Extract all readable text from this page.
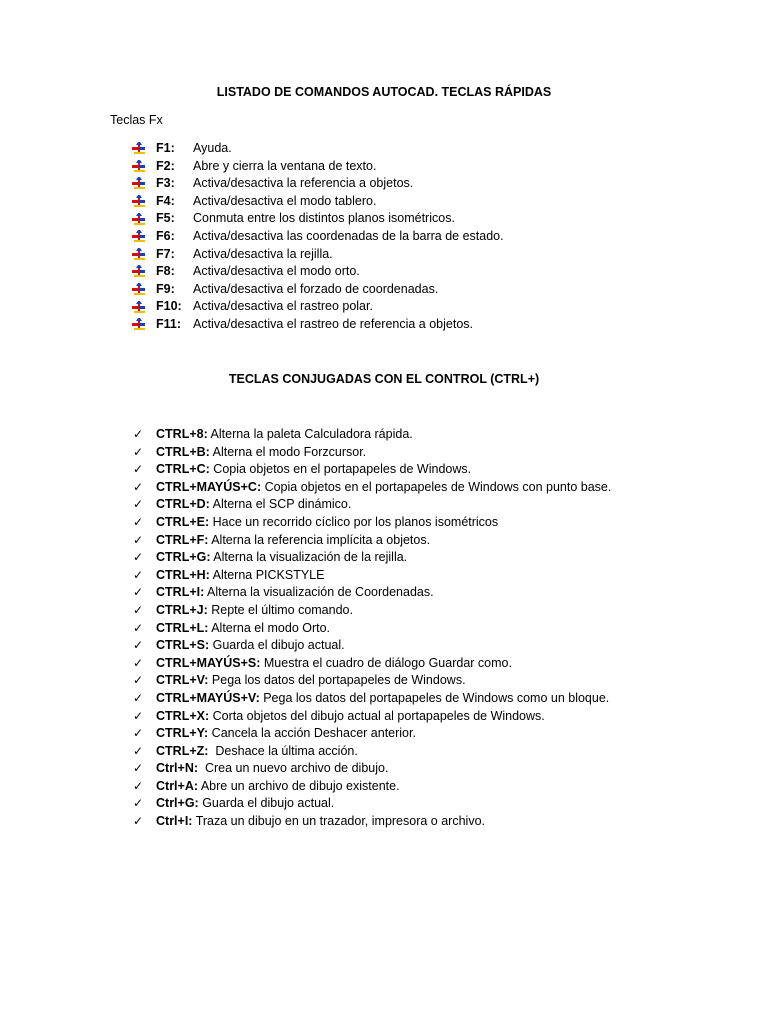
LISTADO DE COMANDOS AUTOCAD. TECLAS RÁPIDAS
Teclas Fx
F1:	Ayuda.
F2:	Abre y cierra la ventana de texto.
F3:	Activa/desactiva la referencia a objetos.
F4:	Activa/desactiva el modo tablero.
F5:	Conmuta entre los distintos planos isométricos.
F6:	Activa/desactiva las coordenadas de la barra de estado.
F7:	Activa/desactiva la rejilla.
F8:	Activa/desactiva el modo orto.
F9:	Activa/desactiva el forzado de coordenadas.
F10: Activa/desactiva el rastreo polar.
F11: Activa/desactiva el rastreo de referencia a objetos.
TECLAS CONJUGADAS CON EL CONTROL (CTRL+)
✓ CTRL+8: Alterna la paleta Calculadora rápida.
✓ CTRL+B: Alterna el modo Forzcursor.
✓ CTRL+C: Copia objetos en el portapapeles de Windows.
✓ CTRL+MAYÚS+C: Copia objetos en el portapapeles de Windows con punto base.
✓ CTRL+D: Alterna el SCP dinámico.
✓ CTRL+E: Hace un recorrido cíclico por los planos isométricos
✓ CTRL+F: Alterna la referencia implícita a objetos.
✓ CTRL+G: Alterna la visualización de la rejilla.
✓ CTRL+H: Alterna PICKSTYLE
✓ CTRL+I: Alterna la visualización de Coordenadas.
✓ CTRL+J: Repte el último comando.
✓ CTRL+L: Alterna el modo Orto.
✓ CTRL+S: Guarda el dibujo actual.
✓ CTRL+MAYÚS+S: Muestra el cuadro de diálogo Guardar como.
✓ CTRL+V: Pega los datos del portapapeles de Windows.
✓ CTRL+MAYÚS+V: Pega los datos del portapapeles de Windows como un bloque.
✓ CTRL+X: Corta objetos del dibujo actual al portapapeles de Windows.
✓ CTRL+Y: Cancela la acción Deshacer anterior.
✓ CTRL+Z: Deshace la última acción.
✓ Ctrl+N: Crea un nuevo archivo de dibujo.
✓ Ctrl+A: Abre un archivo de dibujo existente.
✓ Ctrl+G: Guarda el dibujo actual.
✓ Ctrl+I: Traza un dibujo en un trazador, impresora o archivo.
